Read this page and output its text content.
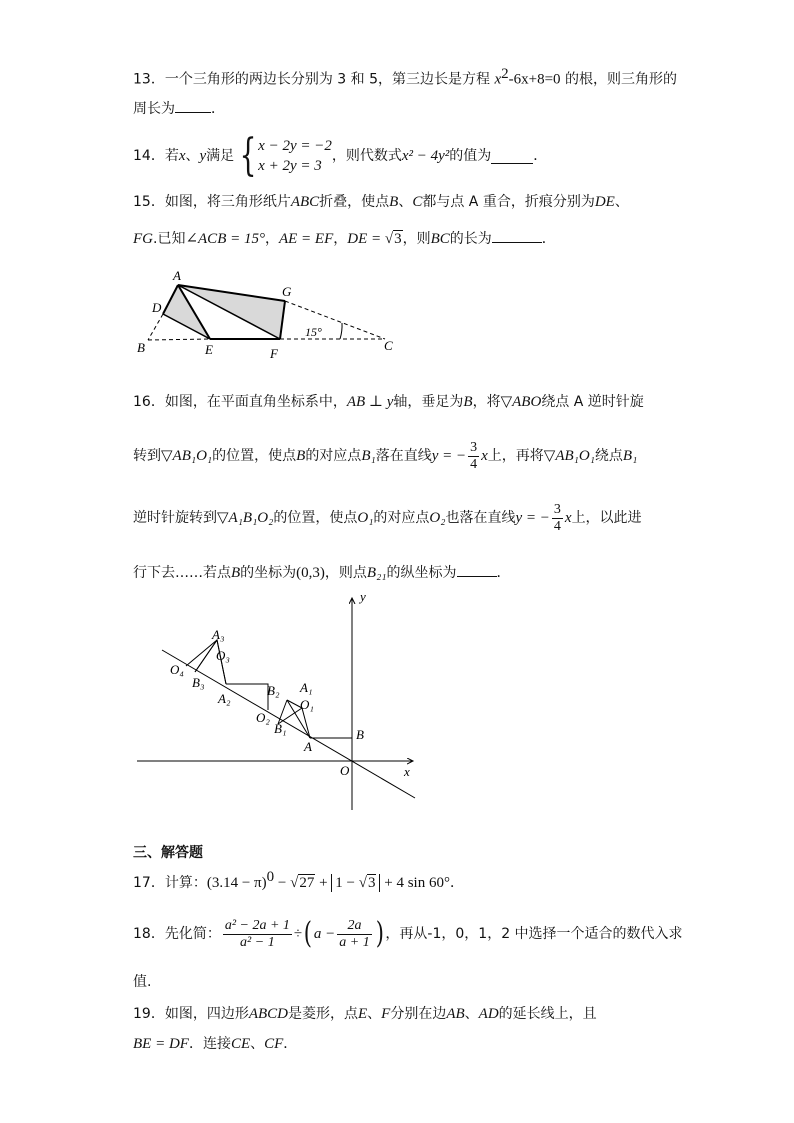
13．一个三角形的两边长分别为 3 和 5，第三边长是方程 $x^2-6x+8=0$ 的根，则三角形的
周长为	．
14．若 x 、 y 满足 { x − 2y = −2
x + 2y = 3
，则代数式 x² − 4y² 的值为	．
15．如图，将三角形纸片ABC折叠，使点B、C都与点 A 重合，折痕分别为DE、
FG.已知∠ACB = 15°，AE = EF，DE = √3，则BC的长为	．
A
D
B	E	F
G
C
15°
16．如图，在平面直角坐标系中，AB ⊥ y轴，垂足为B，将▽ABO绕点 A 逆时针旋
转到 ▽ AB₁O₁ 的位置，使点 B 的对应点 B₁ 落在直线 y = − $\frac{3}{4}$ x 上，再将 ▽ AB₁O₁ 绕点 B₁
逆时针旋转到 ▽ A₁B₁O₂ 的位置，使点 O₁ 的对应点 O₂ 也落在直线 y = − $\frac{3}{4}$ x 上，以此进
行下去……若点B的坐标为(0,3)，则点B₂₁的纵坐标为	．
y
x
O
A
B
A₁
O₁
B₁
O₂
A₂
B₂
A₃
O₃
B₃
O₄
三、解答题
17．计算： $(3.14 - \pi)^0 - √27 + 1 - √3 + 4$ sin 60° ．
18．先化简： $\frac{\text{a² − 2a + 1}}{\text{a² − 1}}$ ÷ ( $a - \frac{2a}{a + 1}$ ) ，再从-1，0，1，2 中选择一个适合的数代入求
值.
19．如图，四边形ABCD是菱形，点E、F分别在边AB、AD的延长线上，且
BE = DF．连接CE、CF．
